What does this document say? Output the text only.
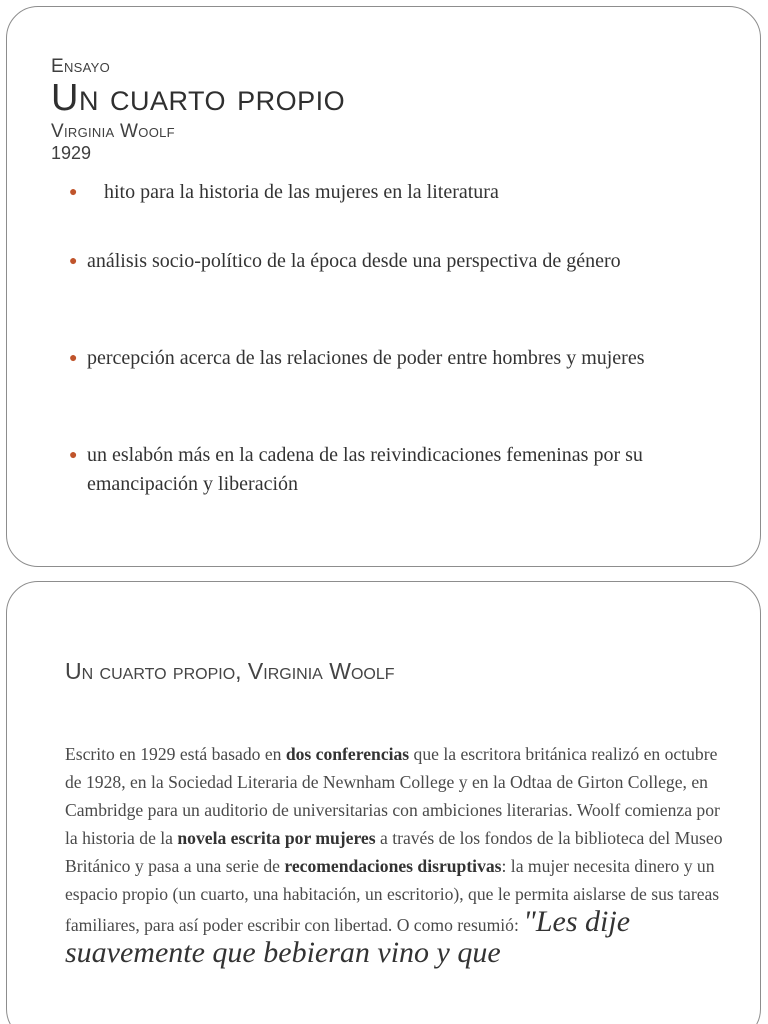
Ensayo
Un cuarto propio
Virginia Woolf
1929
●	hito para la historia de las mujeres en la literatura
● análisis socio-político de la época desde una perspectiva de género
● percepción acerca de las relaciones de poder entre hombres y mujeres
● un eslabón más en la cadena de las reivindicaciones femeninas por su emancipación y liberación
Un cuarto propio, Virginia Woolf
Escrito en 1929 está basado en dos conferencias que la escritora británica realizó en octubre de 1928, en la Sociedad Literaria de Newnham College y en la Odtaa de Girton College, en Cambridge para un auditorio de universitarias con ambiciones literarias. Woolf comienza por la historia de la novela escrita por mujeres a través de los fondos de la biblioteca del Museo Británico y pasa a una serie de recomendaciones disruptivas: la mujer necesita dinero y un espacio propio (un cuarto, una habitación, un escritorio), que le permita aislarse de sus tareas familiares, para así poder escribir con libertad. O como resumió: "Les dije suavemente que bebieran vino y que
